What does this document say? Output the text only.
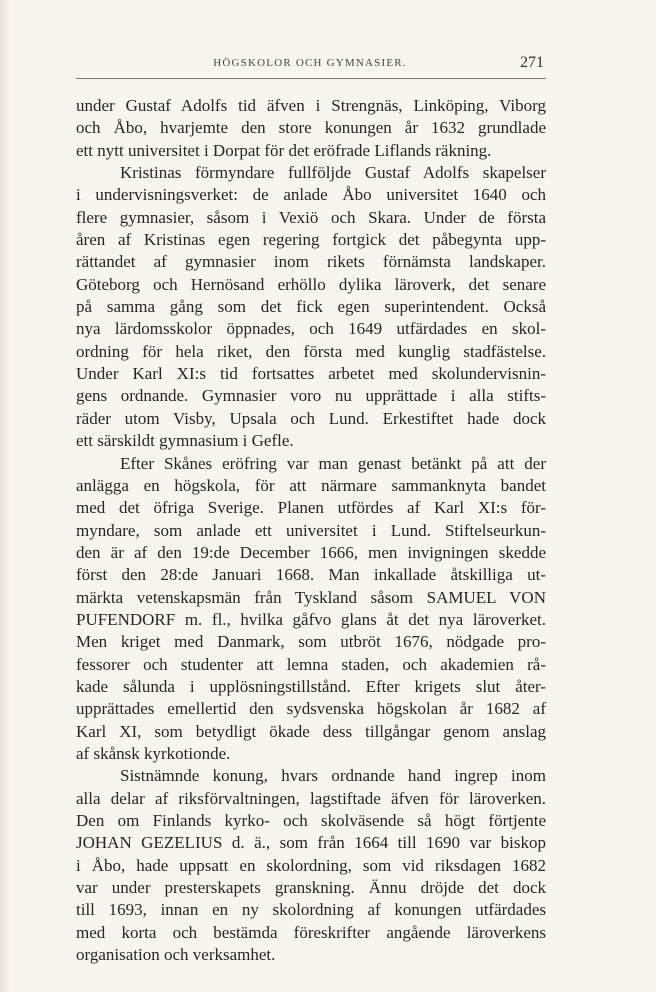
HÖGSKOLOR OCH GYMNASIER.	271

under Gustaf Adolfs tid äfven i Strengnäs, Linköping, Viborg
och Åbo, hvarjemte den store konungen år 1632 grundlade
ett nytt universitet i Dorpat för det eröfrade Liflands räkning.

Kristinas förmyndare fullföljde Gustaf Adolfs skapelser
i undervisningsverket: de anlade Åbo universitet 1640 och
flere gymnasier, såsom i Vexiö och Skara. Under de första
åren af Kristinas egen regering fortgick det påbegynta upp-
rättandet af gymnasier inom rikets förnämsta landskaper.
Göteborg och Hernösand erhöllo dylika läroverk, det senare
på samma gång som det fick egen superintendent. Också
nya lärdomsskolor öppnades, och 1649 utfärdades en skol-
ordning för hela riket, den första med kunglig stadfästelse.
Under Karl XI:s tid fortsattes arbetet med skolundervisnin-
gens ordnande. Gymnasier voro nu upprättade i alla stifts-
räder utom Visby, Upsala och Lund. Erkestiftet hade dock
ett särskildt gymnasium i Gefle.

Efter Skånes eröfring var man genast betänkt på att der
anlägga en högskola, för att närmare sammanknyta bandet
med det öfriga Sverige. Planen utfördes af Karl XI:s för-
myndare, som anlade ett universitet i Lund. Stiftelseurkun-
den är af den 19:de December 1666, men invigningen skedde
först den 28:de Januari 1668. Man inkallade åtskilliga ut-
märkta vetenskapsmän från Tyskland såsom SAMUEL VON
PUFENDORF m. fl., hvilka gåfvo glans åt det nya läroverket.
Men kriget med Danmark, som utbröt 1676, nödgade pro-
fessorer och studenter att lemna staden, och akademien rå-
kade sålunda i upplösningstillstånd. Efter krigets slut åter-
upprättades emellertid den sydsvenska högskolan år 1682 af
Karl XI, som betydligt ökade dess tillgångar genom anslag
af skånsk kyrkotionde.

Sistnämnde konung, hvars ordnande hand ingrep inom
alla delar af riksförvaltningen, lagstiftade äfven för läroverken.
Den om Finlands kyrko- och skolväsende så högt förtjente
JOHAN GEZELIUS d. ä., som från 1664 till 1690 var biskop
i Åbo, hade uppsatt en skolordning, som vid riksdagen 1682
var under presterskapets granskning. Ännu dröjde det dock
till 1693, innan en ny skolordning af konungen utfärdades
med korta och bestämda föreskrifter angående läroverkens
organisation och verksamhet.
